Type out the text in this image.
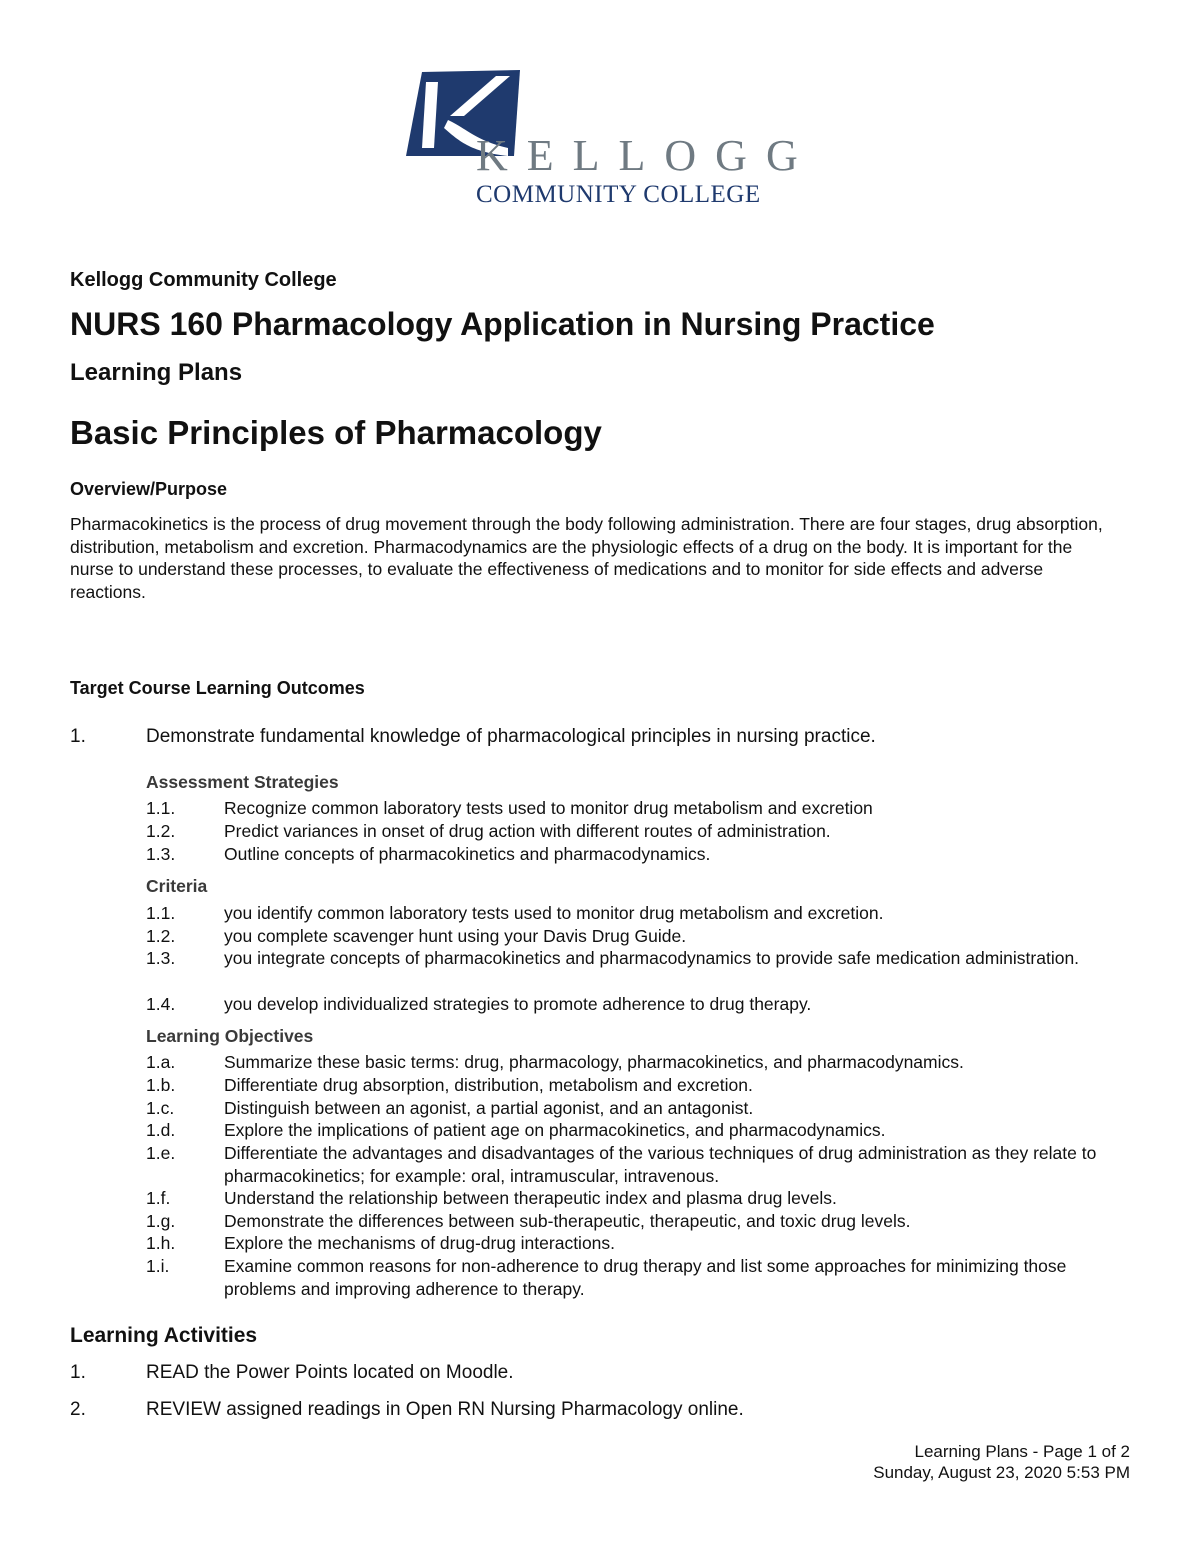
KELLOGG
COMMUNITY COLLEGE
Kellogg Community College
NURS 160 Pharmacology Application in Nursing Practice
Learning Plans
Basic Principles of Pharmacology
Overview/Purpose

Pharmacokinetics is the process of drug movement through the body following administration. There are four stages, drug absorption, distribution, metabolism and excretion. Pharmacodynamics are the physiologic effects of a drug on the body. It is important for the nurse to understand these processes, to evaluate the effectiveness of medications and to monitor for side effects and adverse reactions.

Target Course Learning Outcomes
1.	Demonstrate fundamental knowledge of pharmacological principles in nursing practice.
Assessment Strategies
1.1.	Recognize common laboratory tests used to monitor drug metabolism and excretion
1.2.	Predict variances in onset of drug action with different routes of administration.
1.3.	Outline concepts of pharmacokinetics and pharmacodynamics.
Criteria
1.1.	you identify common laboratory tests used to monitor drug metabolism and excretion.
1.2.	you complete scavenger hunt using your Davis Drug Guide.
1.3.	you integrate concepts of pharmacokinetics and pharmacodynamics to provide safe medication administration.
1.4.	you develop individualized strategies to promote adherence to drug therapy.
Learning Objectives
1.a.	Summarize these basic terms: drug, pharmacology, pharmacokinetics, and pharmacodynamics.
1.b.	Differentiate drug absorption, distribution, metabolism and excretion.
1.c.	Distinguish between an agonist, a partial agonist, and an antagonist.
1.d.	Explore the implications of patient age on pharmacokinetics, and pharmacodynamics.
1.e.	Differentiate the advantages and disadvantages of the various techniques of drug administration as they relate to pharmacokinetics; for example: oral, intramuscular, intravenous.
1.f.	Understand the relationship between therapeutic index and plasma drug levels.
1.g.	Demonstrate the differences between sub-therapeutic, therapeutic, and toxic drug levels.
1.h.	Explore the mechanisms of drug-drug interactions.
1.i.	Examine common reasons for non-adherence to drug therapy and list some approaches for minimizing those problems and improving adherence to therapy.
Learning Activities
1.	READ the Power Points located on Moodle.
2.	REVIEW assigned readings in Open RN Nursing Pharmacology online.
Learning Plans - Page 1 of 2
Sunday, August 23, 2020 5:53 PM
